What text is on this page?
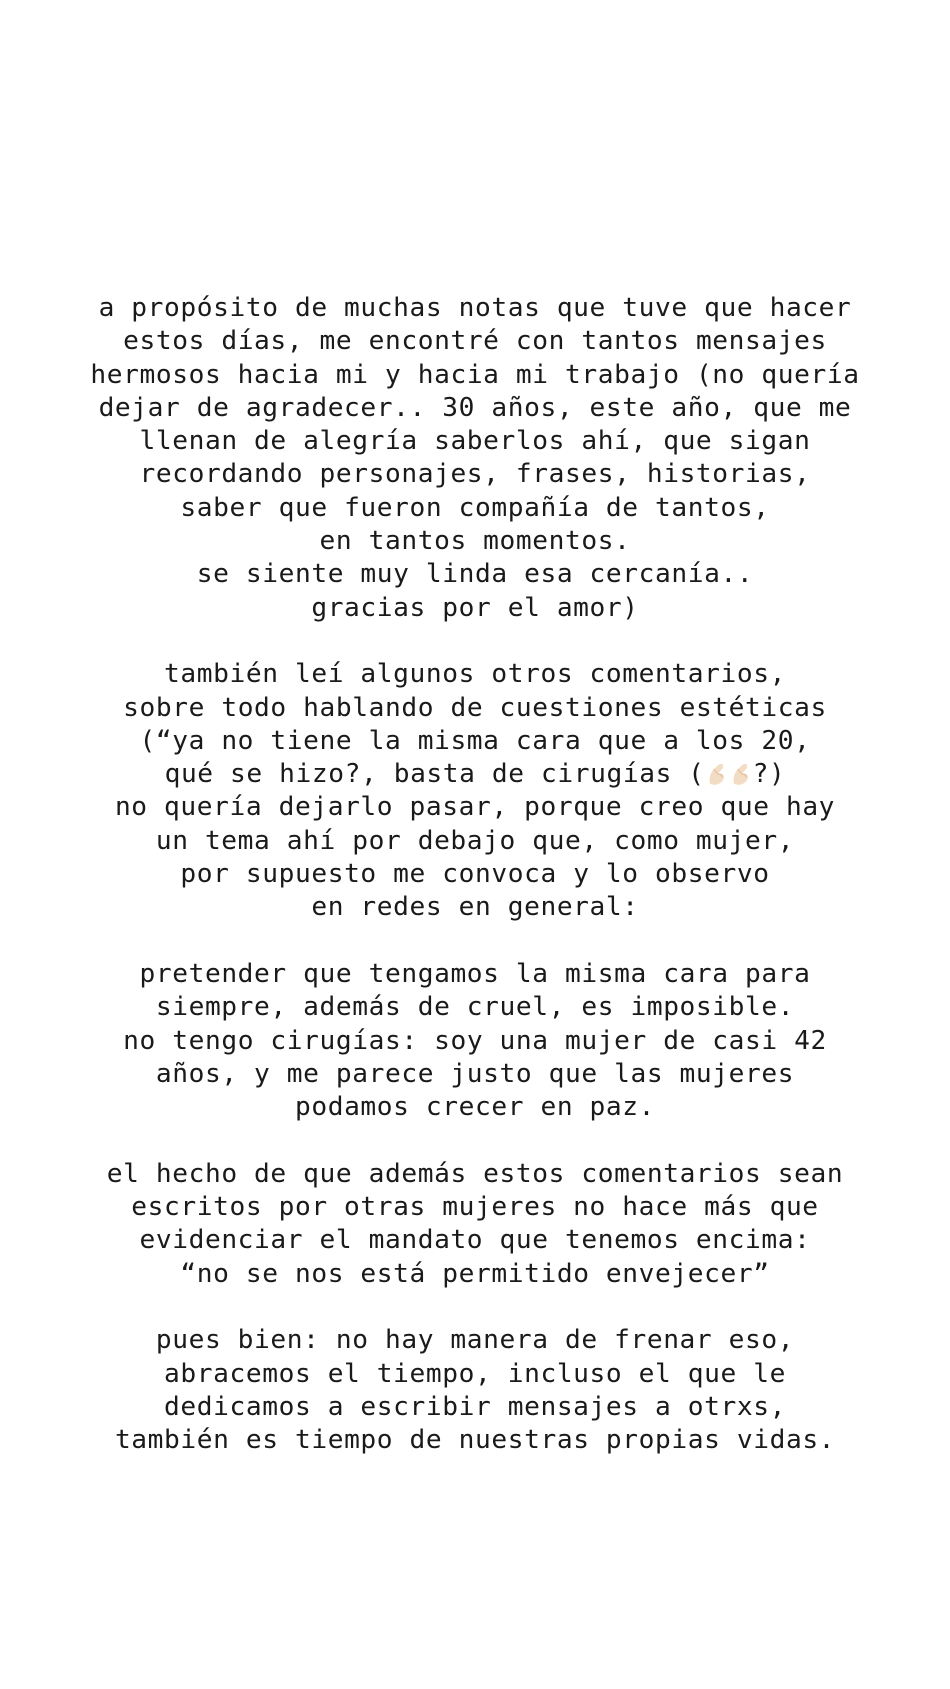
a propósito de muchas notas que tuve que hacer
estos días, me encontré con tantos mensajes
hermosos hacia mi y hacia mi trabajo (no quería
dejar de agradecer.. 30 años, este año, que me
llenan de alegría saberlos ahí, que sigan
recordando personajes, frases, historias,
saber que fueron compañía de tantos,
en tantos momentos.
se siente muy linda esa cercanía..
gracias por el amor)
también leí algunos otros comentarios,
sobre todo hablando de cuestiones estéticas
(“ya no tiene la misma cara que a los 20,
qué se hizo?, basta de cirugías ( ?)
no quería dejarlo pasar, porque creo que hay
un tema ahí por debajo que, como mujer,
por supuesto me convoca y lo observo
en redes en general:
pretender que tengamos la misma cara para
siempre, además de cruel, es imposible.
no tengo cirugías: soy una mujer de casi 42
años, y me parece justo que las mujeres
podamos crecer en paz.
el hecho de que además estos comentarios sean
escritos por otras mujeres no hace más que
evidenciar el mandato que tenemos encima:
“no se nos está permitido envejecer”
pues bien: no hay manera de frenar eso,
abracemos el tiempo, incluso el que le
dedicamos a escribir mensajes a otrxs,
también es tiempo de nuestras propias vidas.
